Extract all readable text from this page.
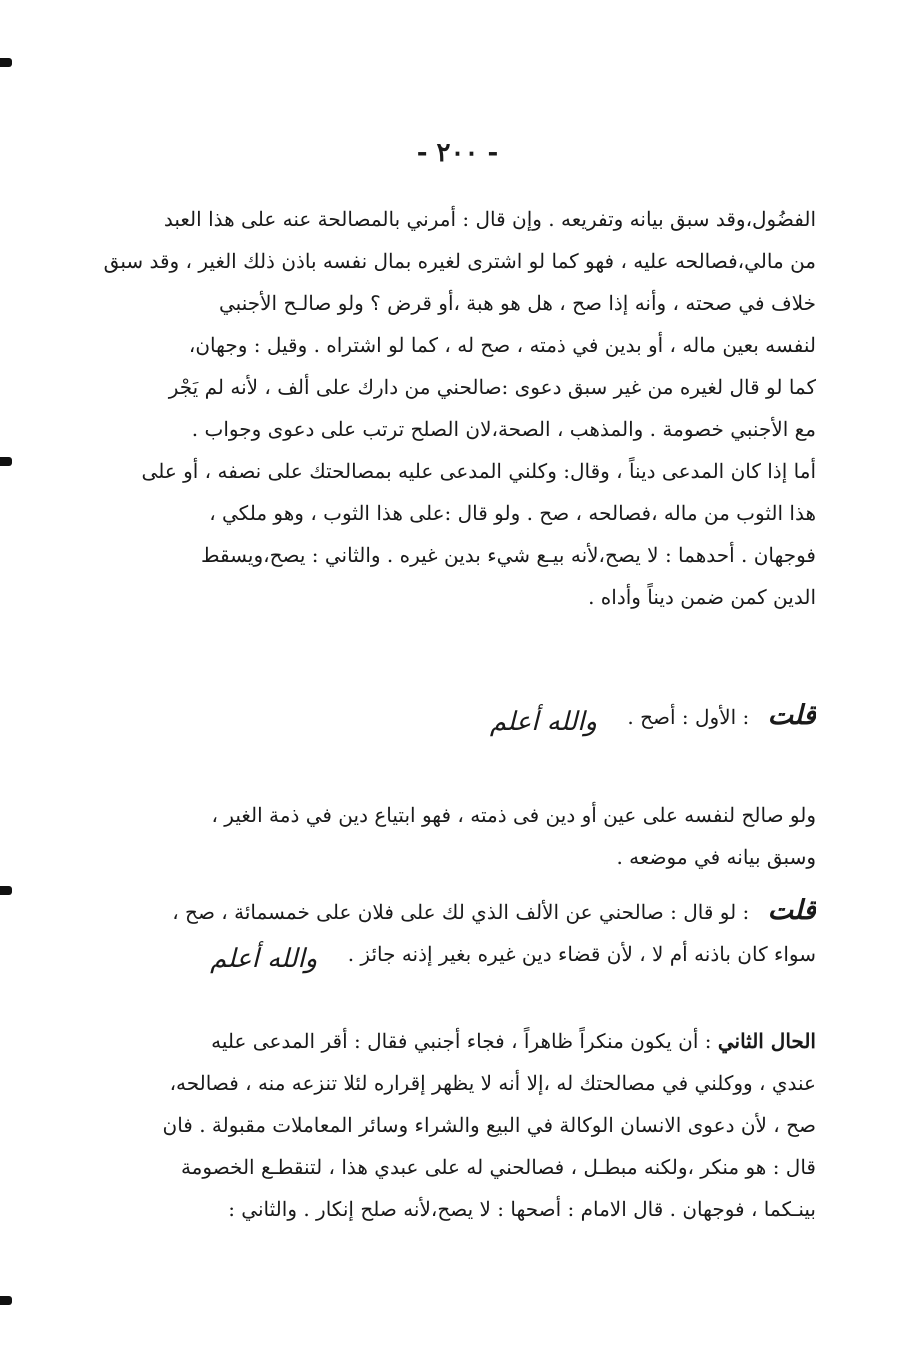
- ٢٠٠ -
الفضُول،وقد سبق بيانه وتفريعه . وإن قال : أمرني بالمصالحة عنه على هذا العبد
من مالي،فصالحه عليه ، فهو كما لو اشترى لغيره بمال نفسه باذن ذلك الغير ، وقد سبق
خلاف في صحته ، وأنه إذا صح ، هل هو هبة ،أو قرض ؟ ولو صالـح الأجنبي
لنفسه بعين ماله ، أو بدين في ذمته ، صح له ، كما لو اشتراه . وقيل : وجهان،
كما لو قال لغيره من غير سبق دعوى :صالحني من دارك على ألف ، لأنه لم يَجْر
مع الأجنبي خصومة . والمذهب ، الصحة،لان الصلح ترتب على دعوى وجواب .
أما إذا كان المدعى ديناً ، وقال: وكلني المدعى عليه بمصالحتك على نصفه ، أو على
هذا الثوب من ماله ،فصالحه ، صح . ولو قال :على هذا الثوب ، وهو ملكي ،
فوجهان . أحدهما : لا يصح،لأنه بيـع شيء بدين غيره . والثاني : يصح،ويسقط
الدين كمن ضمن ديناً وأداه .
قلت : الأول : أصح . والله أعلم
ولو صالح لنفسه على عين أو دين فى ذمته ، فهو ابتياع دين في ذمة الغير ،
وسبق بيانه في موضعه .
قلت : لو قال : صالحني عن الألف الذي لك على فلان على خمسمائة ، صح ،
سواء كان باذنه أم لا ، لأن قضاء دين غيره بغير إذنه جائز . والله أعلم
الحال الثاني : أن يكون منكراً ظاهراً ، فجاء أجنبي فقال : أقر المدعى عليه
عندي ، ووكلني في مصالحتك له ،إلا أنه لا يظهر إقراره لئلا تنزعه منه ، فصالحه،
صح ، لأن دعوى الانسان الوكالة في البيع والشراء وسائر المعاملات مقبولة . فان
قال : هو منكر ،ولكنه مبطـل ، فصالحني له على عبدي هذا ، لتنقطـع الخصومة
بينـكما ، فوجهان . قال الامام : أصحها : لا يصح،لأنه صلح إنكار . والثاني :
